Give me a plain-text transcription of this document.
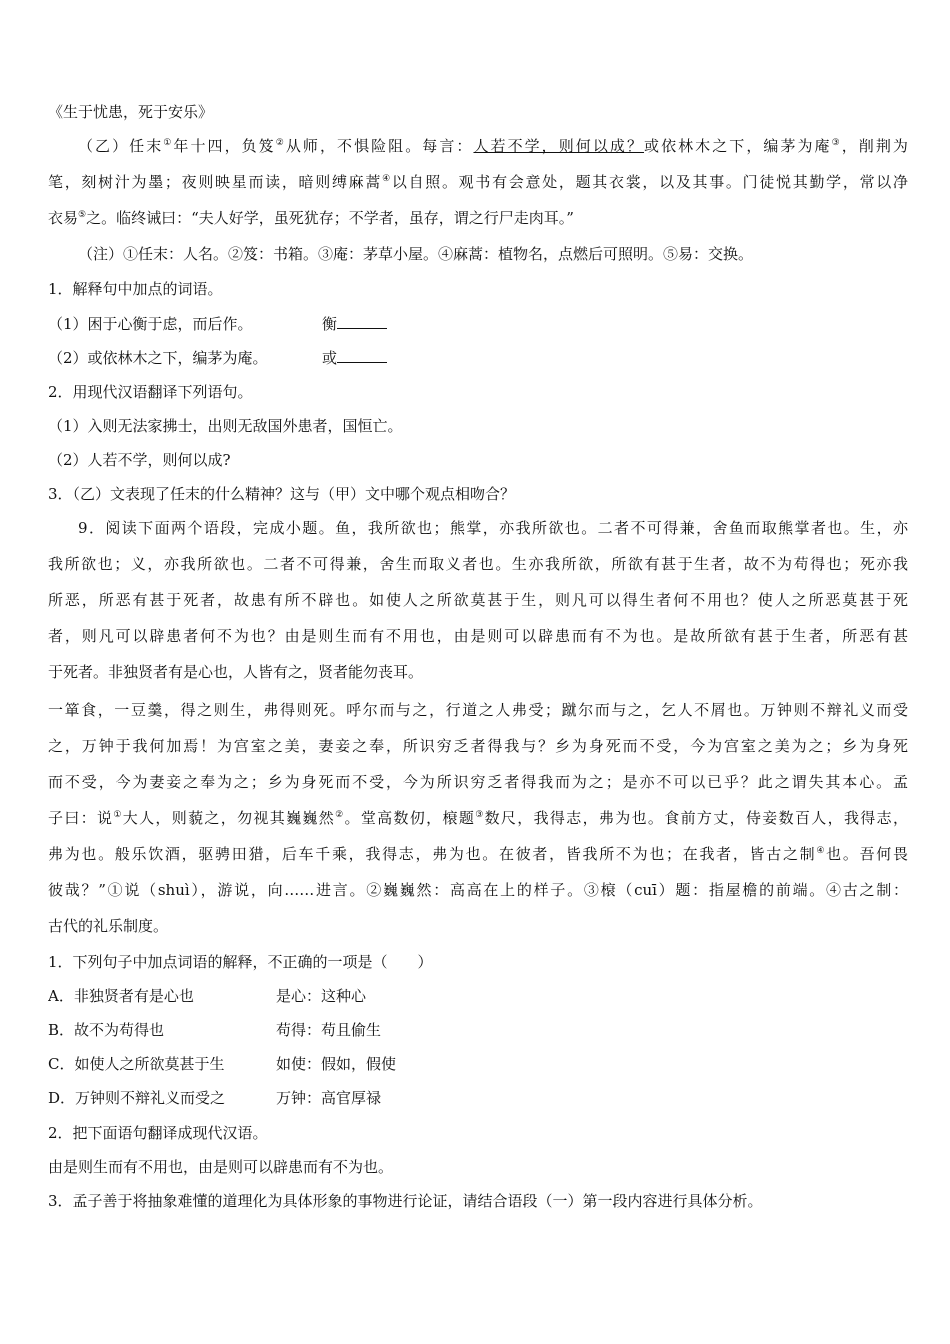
《生于忧患，死于安乐》
（乙）任末①年十四，负笈②从师，不惧险阻。每言：人若不学，则何以成？或依林木之下，编茅为庵③，削荆为
笔，刻树汁为墨；夜则映星而读，暗则缚麻蒿④以自照。观书有会意处，题其衣裳，以及其事。门徒悦其勤学，常以净
衣易⑤之。临终诫曰：“夫人好学，虽死犹存；不学者，虽存，谓之行尸走肉耳。”
（注）①任末：人名。②笈：书箱。③庵：茅草小屋。④麻蒿：植物名，点燃后可照明。⑤易：交换。
1．解释句中加点的词语。
（1）困于心衡于虑，而后作。	衡
（2）或依林木之下，编茅为庵。	或
2．用现代汉语翻译下列语句。
（1）入则无法家拂士，出则无敌国外患者，国恒亡。
（2）人若不学，则何以成?
3．（乙）文表现了任末的什么精神？这与（甲）文中哪个观点相吻合？
9．阅读下面两个语段，完成小题。鱼，我所欲也；熊掌，亦我所欲也。二者不可得兼，舍鱼而取熊掌者也。生，亦
我所欲也；义，亦我所欲也。二者不可得兼，舍生而取义者也。生亦我所欲，所欲有甚于生者，故不为苟得也；死亦我
所恶，所恶有甚于死者，故患有所不辟也。如使人之所欲莫甚于生，则凡可以得生者何不用也？使人之所恶莫甚于死
者，则凡可以辟患者何不为也？由是则生而有不用也，由是则可以辟患而有不为也。是故所欲有甚于生者，所恶有甚
于死者。非独贤者有是心也，人皆有之，贤者能勿丧耳。
一箪食，一豆羹，得之则生，弗得则死。呼尔而与之，行道之人弗受；蹴尔而与之，乞人不屑也。万钟则不辩礼义而受
之，万钟于我何加焉！为宫室之美，妻妾之奉，所识穷乏者得我与？乡为身死而不受，今为宫室之美为之；乡为身死
而不受，今为妻妾之奉为之；乡为身死而不受，今为所识穷乏者得我而为之；是亦不可以已乎？此之谓失其本心。孟
子曰：说①大人，则藐之，勿视其巍巍然②。堂高数仞，榱题③数尺，我得志，弗为也。食前方丈，侍妾数百人，我得志，
弗为也。般乐饮酒，驱骋田猎，后车千乘，我得志，弗为也。在彼者，皆我所不为也；在我者，皆古之制④也。吾何畏
彼哉？”①说（shuì），游说，向……进言。②巍巍然：高高在上的样子。③榱（cuī）题：指屋檐的前端。④古之制：
古代的礼乐制度。
1．下列句子中加点词语的解释，不正确的一项是（　　）
A．非独贤者有是心也	是心：这种心
B．故不为苟得也	苟得：苟且偷生
C．如使人之所欲莫甚于生	如使：假如，假使
D．万钟则不辩礼义而受之	万钟：高官厚禄
2．把下面语句翻译成现代汉语。
由是则生而有不用也，由是则可以辟患而有不为也。
3．孟子善于将抽象难懂的道理化为具体形象的事物进行论证，请结合语段（一）第一段内容进行具体分析。
